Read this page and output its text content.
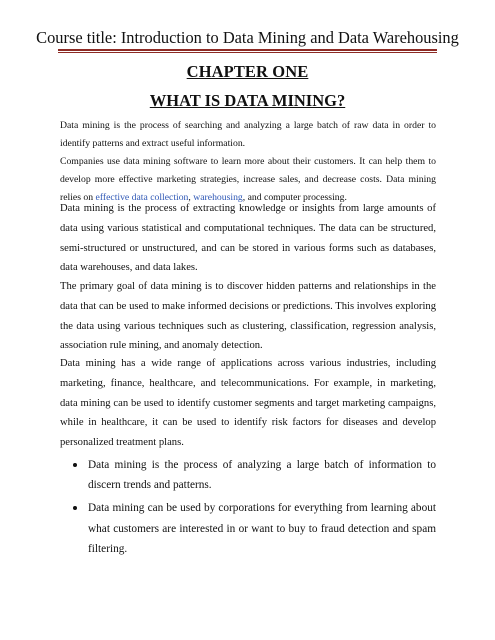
Course title: Introduction to Data Mining and Data Warehousing
CHAPTER ONE
WHAT IS DATA MINING?

Data mining is the process of searching and analyzing a large batch of raw data in order to identify patterns and extract useful information.

Companies use data mining software to learn more about their customers. It can help them to develop more effective marketing strategies, increase sales, and decrease costs. Data mining relies on effective data collection, warehousing, and computer processing.

Data mining is the process of extracting knowledge or insights from large amounts of data using various statistical and computational techniques. The data can be structured, semi-structured or unstructured, and can be stored in various forms such as databases, data warehouses, and data lakes.

The primary goal of data mining is to discover hidden patterns and relationships in the data that can be used to make informed decisions or predictions. This involves exploring the data using various techniques such as clustering, classification, regression analysis, association rule mining, and anomaly detection.

Data mining has a wide range of applications across various industries, including marketing, finance, healthcare, and telecommunications. For example, in marketing, data mining can be used to identify customer segments and target marketing campaigns, while in healthcare, it can be used to identify risk factors for diseases and develop personalized treatment plans.

Data mining is the process of analyzing a large batch of information to discern trends and patterns.
Data mining can be used by corporations for everything from learning about what customers are interested in or want to buy to fraud detection and spam filtering.
